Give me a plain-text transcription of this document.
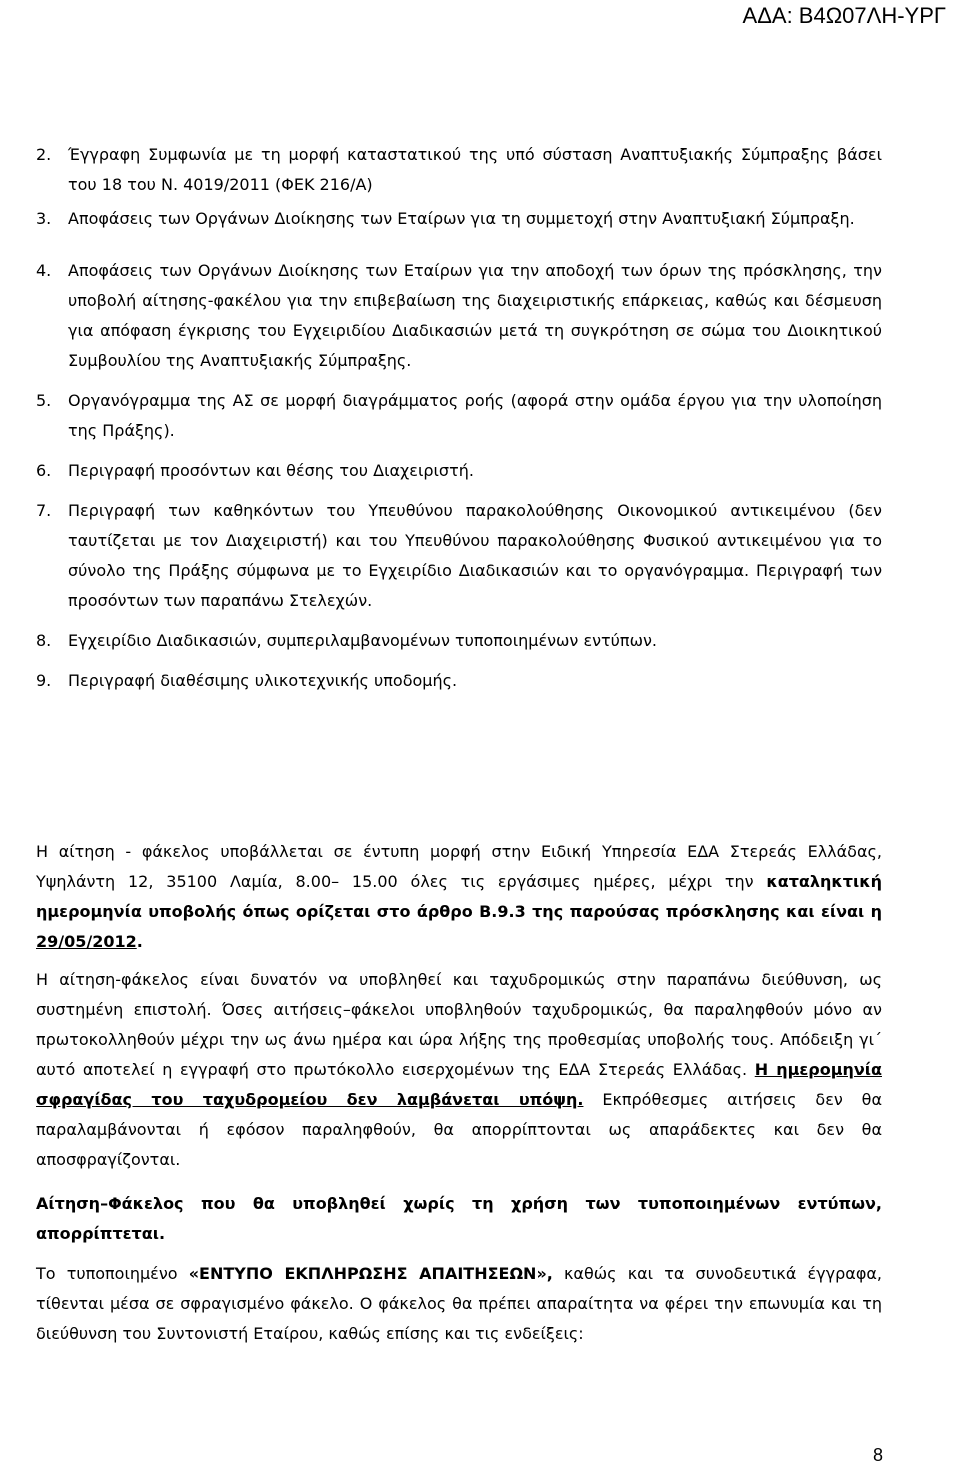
ΑΔΑ: Β4Ω07ΛΗ-ΥΡΓ
2.	Έγγραφη Συμφωνία με τη μορφή καταστατικού της υπό σύσταση Αναπτυξιακής Σύμπραξης βάσει του 18 του Ν. 4019/2011 (ΦΕΚ 216/Α)
3.	Αποφάσεις των Οργάνων Διοίκησης των Εταίρων για τη συμμετοχή στην Αναπτυξιακή Σύμπραξη.
4.	Αποφάσεις των Οργάνων Διοίκησης των Εταίρων για την αποδοχή των όρων της πρόσκλησης, την υποβολή αίτησης-φακέλου για την επιβεβαίωση της διαχειριστικής επάρκειας, καθώς και δέσμευση για απόφαση έγκρισης του Εγχειριδίου Διαδικασιών μετά τη συγκρότηση σε σώμα του Διοικητικού Συμβουλίου της Αναπτυξιακής Σύμπραξης.
5.	Οργανόγραμμα της ΑΣ σε μορφή διαγράμματος ροής (αφορά στην ομάδα έργου για την υλοποίηση της Πράξης).
6.	Περιγραφή προσόντων και θέσης του Διαχειριστή.
7.	Περιγραφή των καθηκόντων του Υπευθύνου παρακολούθησης Οικονομικού αντικειμένου (δεν ταυτίζεται με τον Διαχειριστή) και του Υπευθύνου παρακολούθησης Φυσικού αντικειμένου για το σύνολο της Πράξης σύμφωνα με το Εγχειρίδιο Διαδικασιών και το οργανόγραμμα. Περιγραφή των προσόντων των παραπάνω Στελεχών.
8.	Εγχειρίδιο Διαδικασιών, συμπεριλαμβανομένων τυποποιημένων εντύπων.
9.	Περιγραφή διαθέσιμης υλικοτεχνικής υποδομής.
Η αίτηση - φάκελος υποβάλλεται σε έντυπη μορφή στην Ειδική Υπηρεσία ΕΔΑ Στερεάς Ελλάδας, Υψηλάντη 12, 35100 Λαμία, 8.00– 15.00 όλες τις εργάσιμες ημέρες, μέχρι την καταληκτική ημερομηνία υποβολής όπως ορίζεται στο άρθρο Β.9.3 της παρούσας πρόσκλησης και είναι η 29/05/2012.
Η αίτηση-φάκελος είναι δυνατόν να υποβληθεί και ταχυδρομικώς στην παραπάνω διεύθυνση, ως συστημένη επιστολή. Όσες αιτήσεις–φάκελοι υποβληθούν ταχυδρομικώς, θα παραληφθούν μόνο αν πρωτοκολληθούν μέχρι την ως άνω ημέρα και ώρα λήξης της προθεσμίας υποβολής τους. Απόδειξη γι΄ αυτό αποτελεί η εγγραφή στο πρωτόκολλο εισερχομένων της ΕΔΑ Στερεάς Ελλάδας. Η ημερομηνία σφραγίδας του ταχυδρομείου δεν λαμβάνεται υπόψη. Εκπρόθεσμες αιτήσεις δεν θα παραλαμβάνονται ή εφόσον παραληφθούν, θα απορρίπτονται ως απαράδεκτες και δεν θα αποσφραγίζονται.
Αίτηση–Φάκελος που θα υποβληθεί χωρίς τη χρήση των τυποποιημένων εντύπων, απορρίπτεται.
Το τυποποιημένο «ΕΝΤΥΠΟ ΕΚΠΛΗΡΩΣΗΣ ΑΠΑΙΤΗΣΕΩΝ», καθώς και τα συνοδευτικά έγγραφα, τίθενται μέσα σε σφραγισμένο φάκελο. Ο φάκελος θα πρέπει απαραίτητα να φέρει την επωνυμία και τη διεύθυνση του Συντονιστή Εταίρου, καθώς επίσης και τις ενδείξεις:
8
